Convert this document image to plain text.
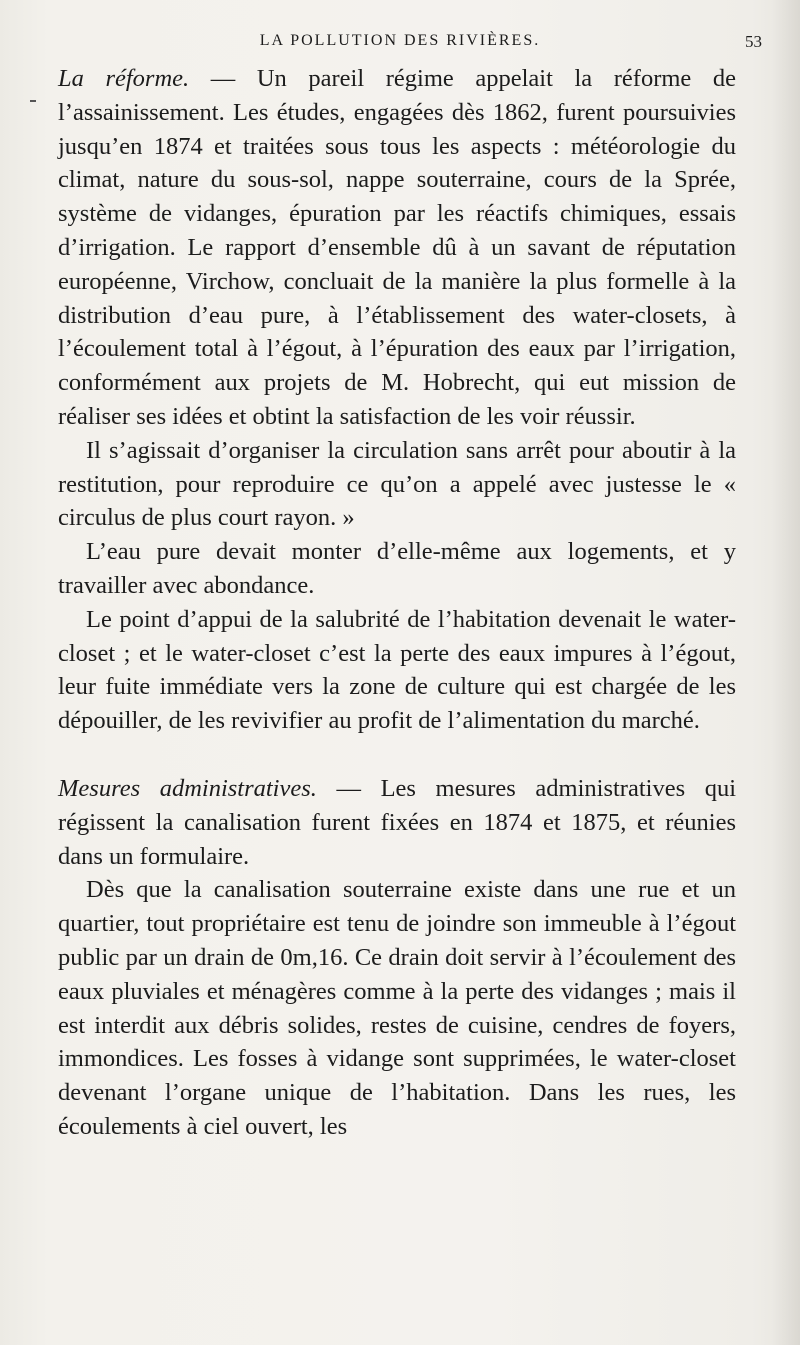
LA POLLUTION DES RIVIÈRES.	53

La réforme. — Un pareil régime appelait la réforme de l’assainissement. Les études, engagées dès 1862, furent poursuivies jusqu’en 1874 et traitées sous tous les aspects : météorologie du climat, nature du sous-sol, nappe souterraine, cours de la Sprée, système de vidanges, épuration par les réactifs chimiques, essais d’irrigation. Le rapport d’ensemble dû à un savant de réputation européenne, Virchow, concluait de la manière la plus formelle à la distribution d’eau pure, à l’établissement des water-closets, à l’écoulement total à l’égout, à l’épuration des eaux par l’irrigation, conformément aux projets de M. Hobrecht, qui eut mission de réaliser ses idées et obtint la satisfaction de les voir réussir.

Il s’agissait d’organiser la circulation sans arrêt pour aboutir à la restitution, pour reproduire ce qu’on a appelé avec justesse le « circulus de plus court rayon. »

L’eau pure devait monter d’elle-même aux logements, et y travailler avec abondance.

Le point d’appui de la salubrité de l’habitation devenait le water-closet ; et le water-closet c’est la perte des eaux impures à l’égout, leur fuite immédiate vers la zone de culture qui est chargée de les dépouiller, de les revivifier au profit de l’alimentation du marché.

Mesures administratives. — Les mesures administratives qui régissent la canalisation furent fixées en 1874 et 1875, et réunies dans un formulaire.

Dès que la canalisation souterraine existe dans une rue et un quartier, tout propriétaire est tenu de joindre son immeuble à l’égout public par un drain de 0m,16. Ce drain doit servir à l’écoulement des eaux pluviales et ménagères comme à la perte des vidanges ; mais il est interdit aux débris solides, restes de cuisine, cendres de foyers, immondices. Les fosses à vidange sont supprimées, le water-closet devenant l’organe unique de l’habitation. Dans les rues, les écoulements à ciel ouvert, les
